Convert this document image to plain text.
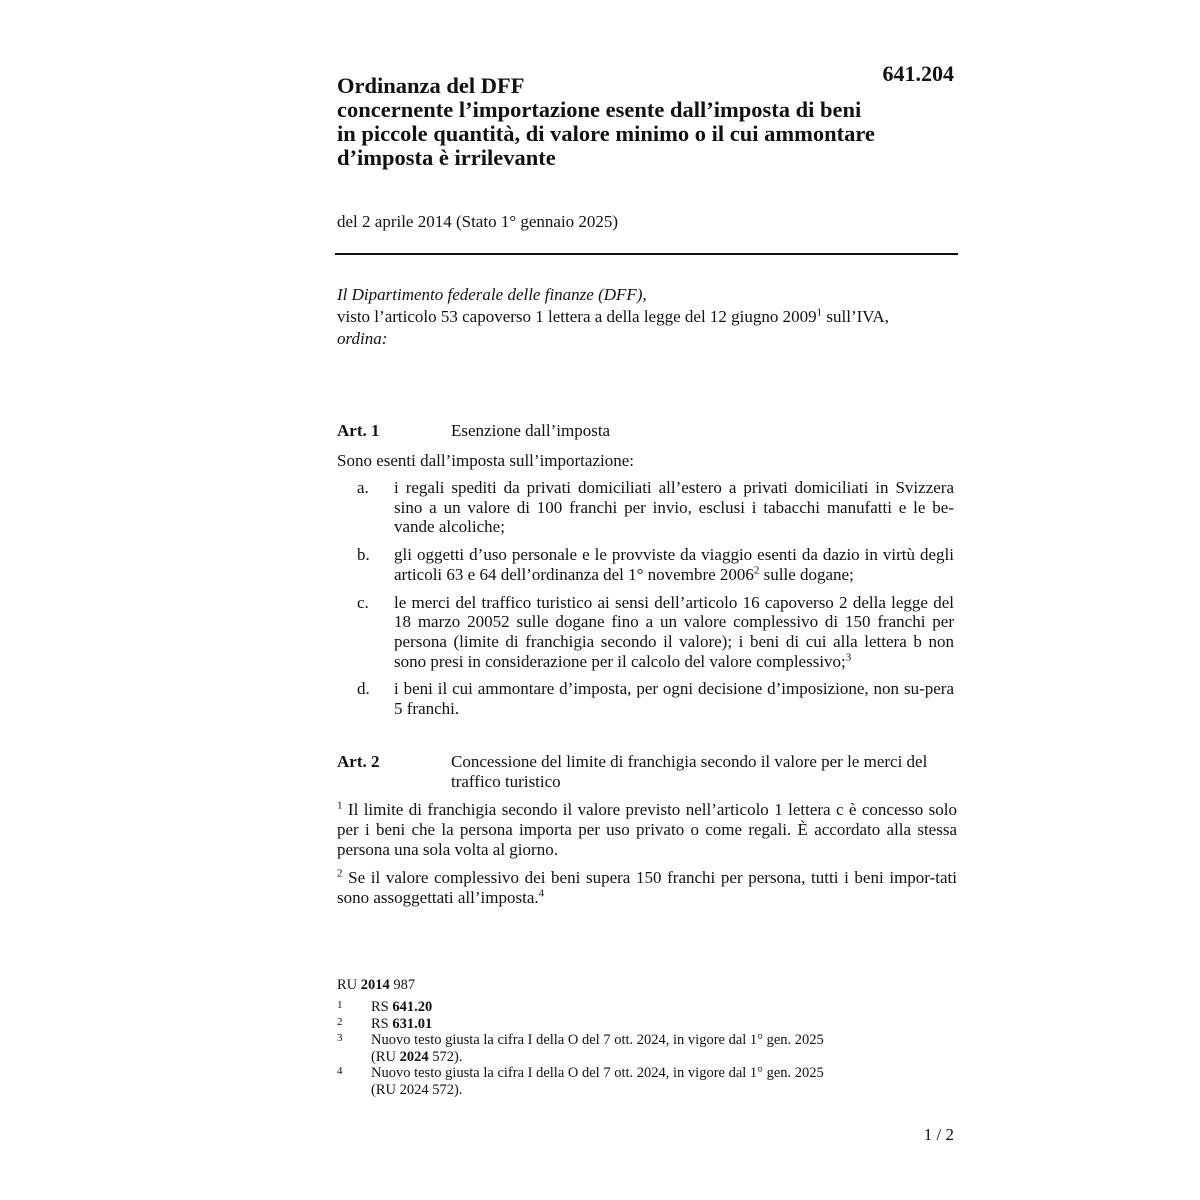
641.204
Ordinanza del DFF
concernente l’importazione esente dall’imposta di beni
in piccole quantità, di valore minimo o il cui ammontare
d’imposta è irrilevante
del 2 aprile 2014 (Stato 1° gennaio 2025)
Il Dipartimento federale delle finanze (DFF),
visto l’articolo 53 capoverso 1 lettera a della legge del 12 giugno 2009$^1$ sull’IVA,
ordina:
Art. 1	Esenzione dall’imposta
Sono esenti dall’imposta sull’importazione:
a.	i regali spediti da privati domiciliati all’estero a privati domiciliati in Svizzera sino a un valore di 100 franchi per invio, esclusi i tabacchi manufatti e le be-vande alcoliche;
b.	gli oggetti d’uso personale e le provviste da viaggio esenti da dazio in virtù degli articoli 63 e 64 dell’ordinanza del 1° novembre 2006$^2$ sulle dogane;
c.	le merci del traffico turistico ai sensi dell’articolo 16 capoverso 2 della legge del 18 marzo 20052 sulle dogane fino a un valore complessivo di 150 franchi per persona (limite di franchigia secondo il valore); i beni di cui alla lettera b non sono presi in considerazione per il calcolo del valore complessivo;$^3$
d.	i beni il cui ammontare d’imposta, per ogni decisione d’imposizione, non su-pera 5 franchi.
Art. 2	Concessione del limite di franchigia secondo il valore per le merci del traffico turistico
$^1$ Il limite di franchigia secondo il valore previsto nell’articolo 1 lettera c è concesso solo per i beni che la persona importa per uso privato o come regali. È accordato alla stessa persona una sola volta al giorno.
$^2$ Se il valore complessivo dei beni supera 150 franchi per persona, tutti i beni impor-tati sono assoggettati all’imposta.$^4$
RU 2014 987
1	RS 641.20
2	RS 631.01
3	Nuovo testo giusta la cifra I della O del 7 ott. 2024, in vigore dal 1° gen. 2025
(RU 2024 572).
4	Nuovo testo giusta la cifra I della O del 7 ott. 2024, in vigore dal 1° gen. 2025
(RU 2024 572).
1 / 2
